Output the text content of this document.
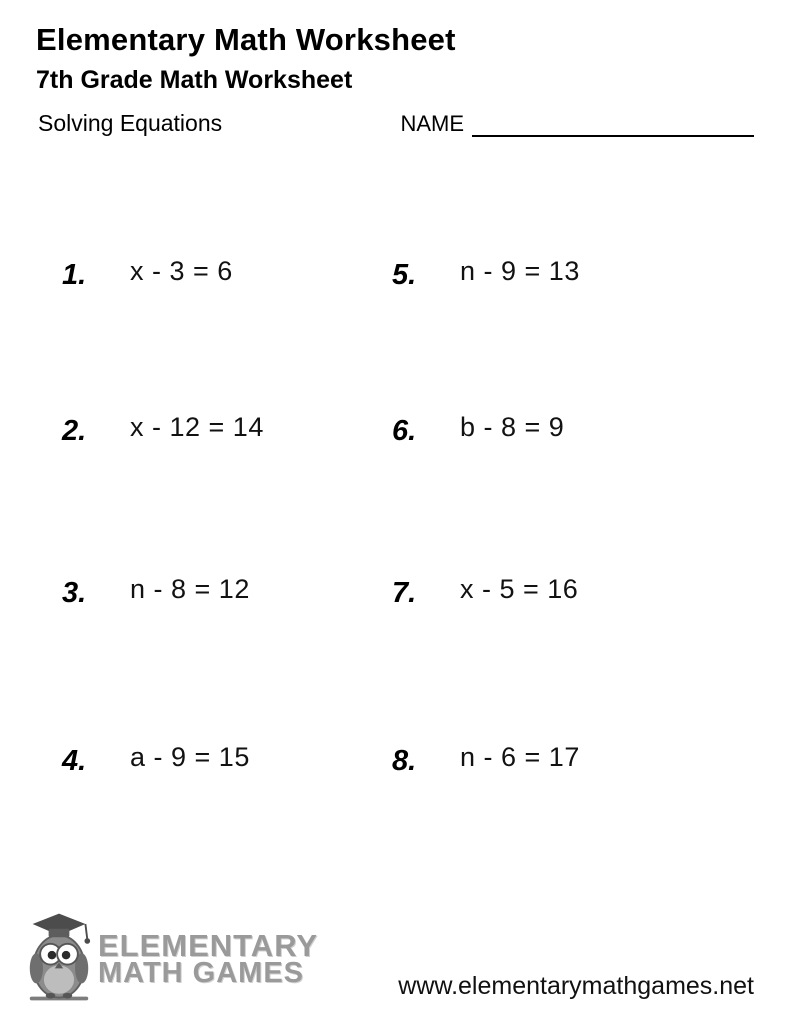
Elementary Math Worksheet
7th Grade Math Worksheet
Solving Equations	NAME
1.	x - 3 = 6
2.	x - 12 = 14
3.	n - 8 = 12
4.	a - 9 = 15
5.	n - 9 = 13
6.	b - 8 = 9
7.	x - 5 = 16
8.	n - 6 = 17
ELEMENTARY
MATH GAMES	www.elementarymathgames.net
